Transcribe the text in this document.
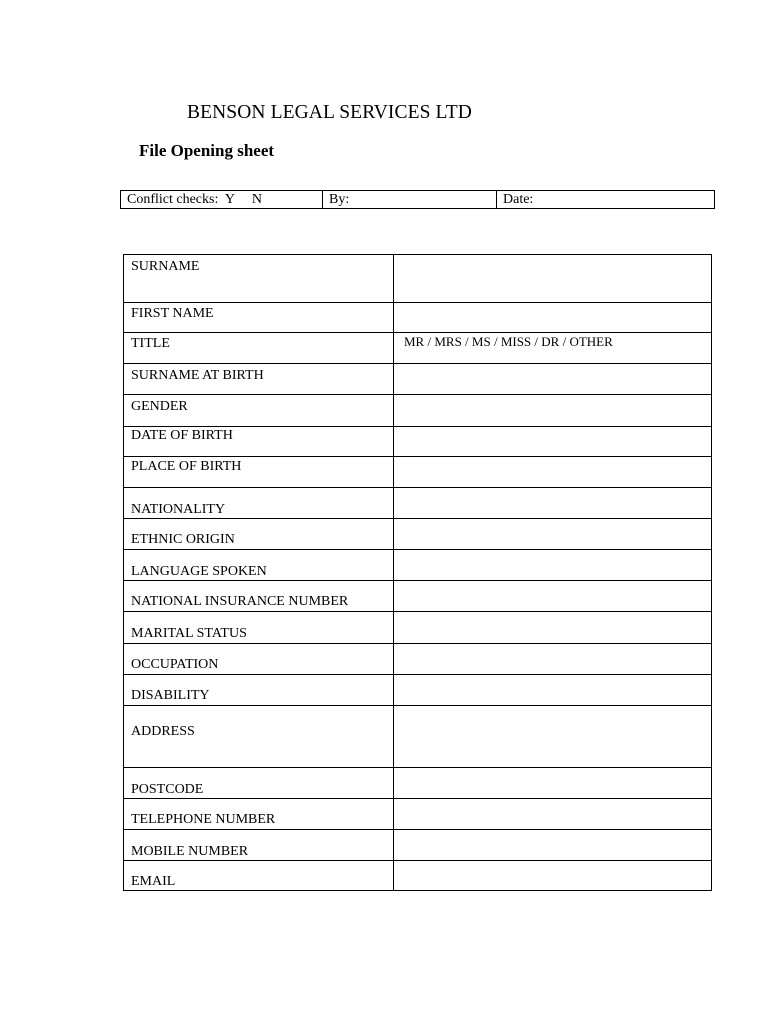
BENSON LEGAL SERVICES LTD
File Opening sheet
Conflict checks:  Y     N	By:	Date:
SURNAME	
FIRST NAME	
TITLE	MR / MRS / MS / MISS / DR / OTHER
SURNAME AT BIRTH	
GENDER	
DATE OF BIRTH	
PLACE OF BIRTH	
NATIONALITY	
ETHNIC ORIGIN	
LANGUAGE SPOKEN	
NATIONAL INSURANCE NUMBER	
MARITAL STATUS	
OCCUPATION	
DISABILITY	
ADDRESS	
POSTCODE	
TELEPHONE NUMBER	
MOBILE NUMBER	
EMAIL	
